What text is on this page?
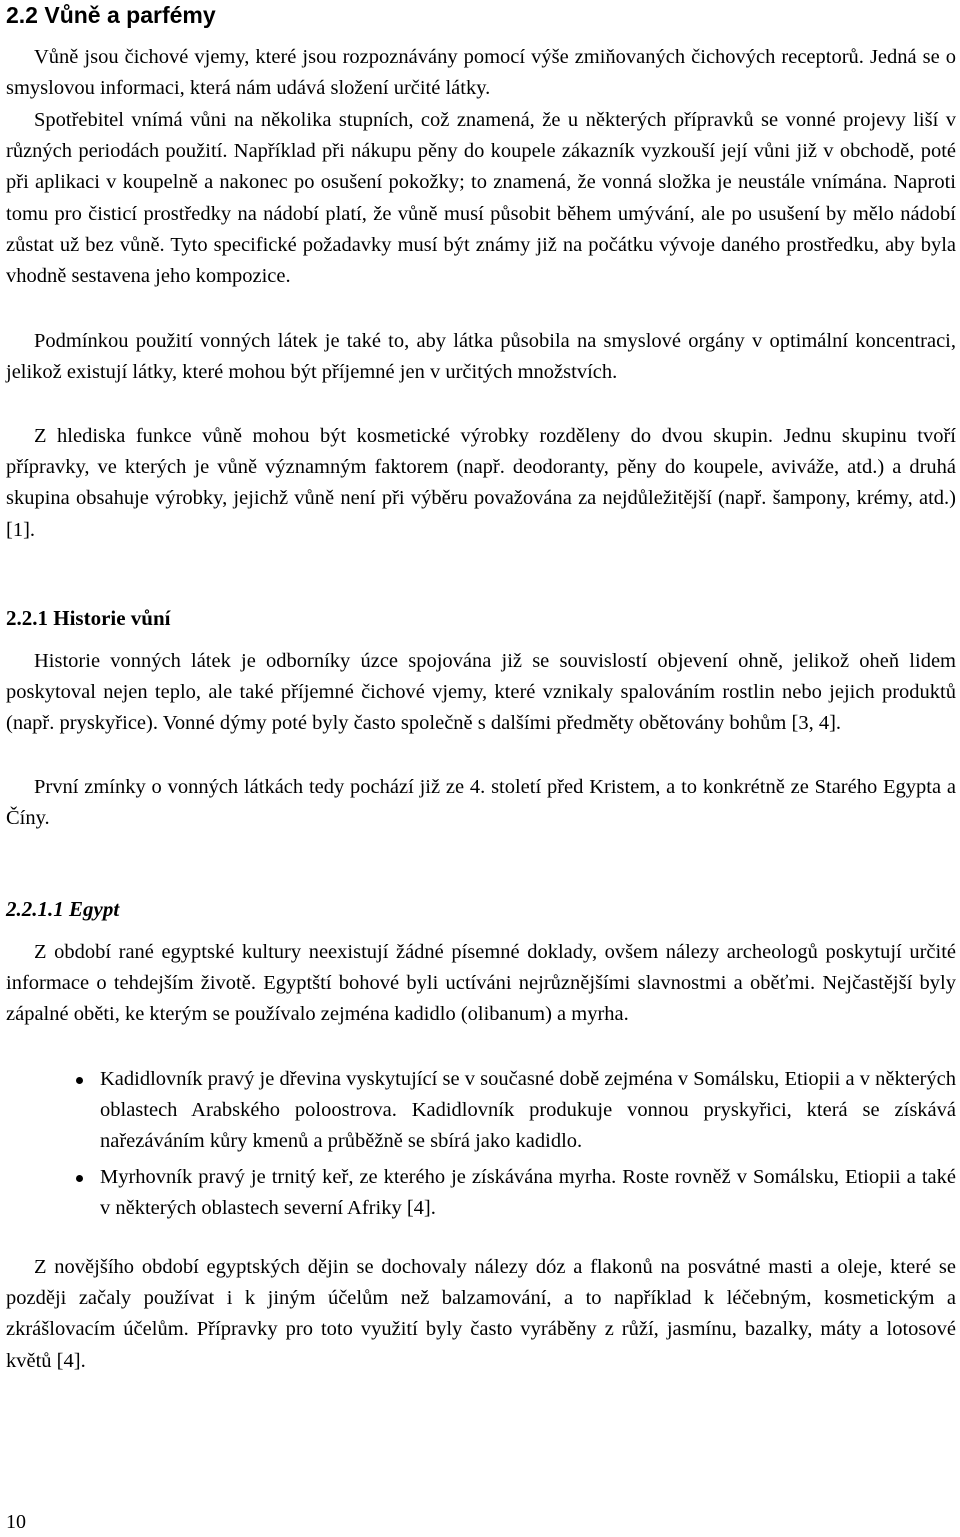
2.2 Vůně a parfémy

Vůně jsou čichové vjemy, které jsou rozpoznávány pomocí výše zmiňovaných čichových receptorů. Jedná se o smyslovou informaci, která nám udává složení určité látky.

Spotřebitel vnímá vůni na několika stupních, což znamená, že u některých přípravků se vonné projevy liší v různých periodách použití. Například při nákupu pěny do koupele zákazník vyzkouší její vůni již v obchodě, poté při aplikaci v koupelně a nakonec po osušení pokožky; to znamená, že vonná složka je neustále vnímána. Naproti tomu pro čisticí prostředky na nádobí platí, že vůně musí působit během umývání, ale po usušení by mělo nádobí zůstat už bez vůně. Tyto specifické požadavky musí být známy již na počátku vývoje daného prostředku, aby byla vhodně sestavena jeho kompozice.

Podmínkou použití vonných látek je také to, aby látka působila na smyslové orgány v optimální koncentraci, jelikož existují látky, které mohou být příjemné jen v určitých množstvích.

Z hlediska funkce vůně mohou být kosmetické výrobky rozděleny do dvou skupin. Jednu skupinu tvoří přípravky, ve kterých je vůně významným faktorem (např. deodoranty, pěny do koupele, aviváže, atd.) a druhá skupina obsahuje výrobky, jejichž vůně není při výběru považována za nejdůležitější (např. šampony, krémy, atd.) [1].

2.2.1 Historie vůní

Historie vonných látek je odborníky úzce spojována již se souvislostí objevení ohně, jelikož oheň lidem poskytoval nejen teplo, ale také příjemné čichové vjemy, které vznikaly spalováním rostlin nebo jejich produktů (např. pryskyřice). Vonné dýmy poté byly často společně s dalšími předměty obětovány bohům [3, 4].

První zmínky o vonných látkách tedy pochází již ze 4. století před Kristem, a to konkrétně ze Starého Egypta a Číny.

2.2.1.1 Egypt

Z období rané egyptské kultury neexistují žádné písemné doklady, ovšem nálezy archeologů poskytují určité informace o tehdejším životě. Egyptští bohové byli uctíváni nejrůznějšími slavnostmi a oběťmi. Nejčastější byly zápalné oběti, ke kterým se používalo zejména kadidlo (olibanum) a myrha.

Kadidlovník pravý je dřevina vyskytující se v současné době zejména v Somálsku, Etiopii a v některých oblastech Arabského poloostrova. Kadidlovník produkuje vonnou pryskyřici, která se získává nařezáváním kůry kmenů a průběžně se sbírá jako kadidlo.
Myrhovník pravý je trnitý keř, ze kterého je získávána myrha. Roste rovněž v Somálsku, Etiopii a také v některých oblastech severní Afriky [4].

Z novějšího období egyptských dějin se dochovaly nálezy dóz a flakonů na posvátné masti a oleje, které se později začaly používat i k jiným účelům než balzamování, a to například k léčebným, kosmetickým a zkrášlovacím účelům. Přípravky pro toto využití byly často vyráběny z růží, jasmínu, bazalky, máty a lotosové květů [4].

10
